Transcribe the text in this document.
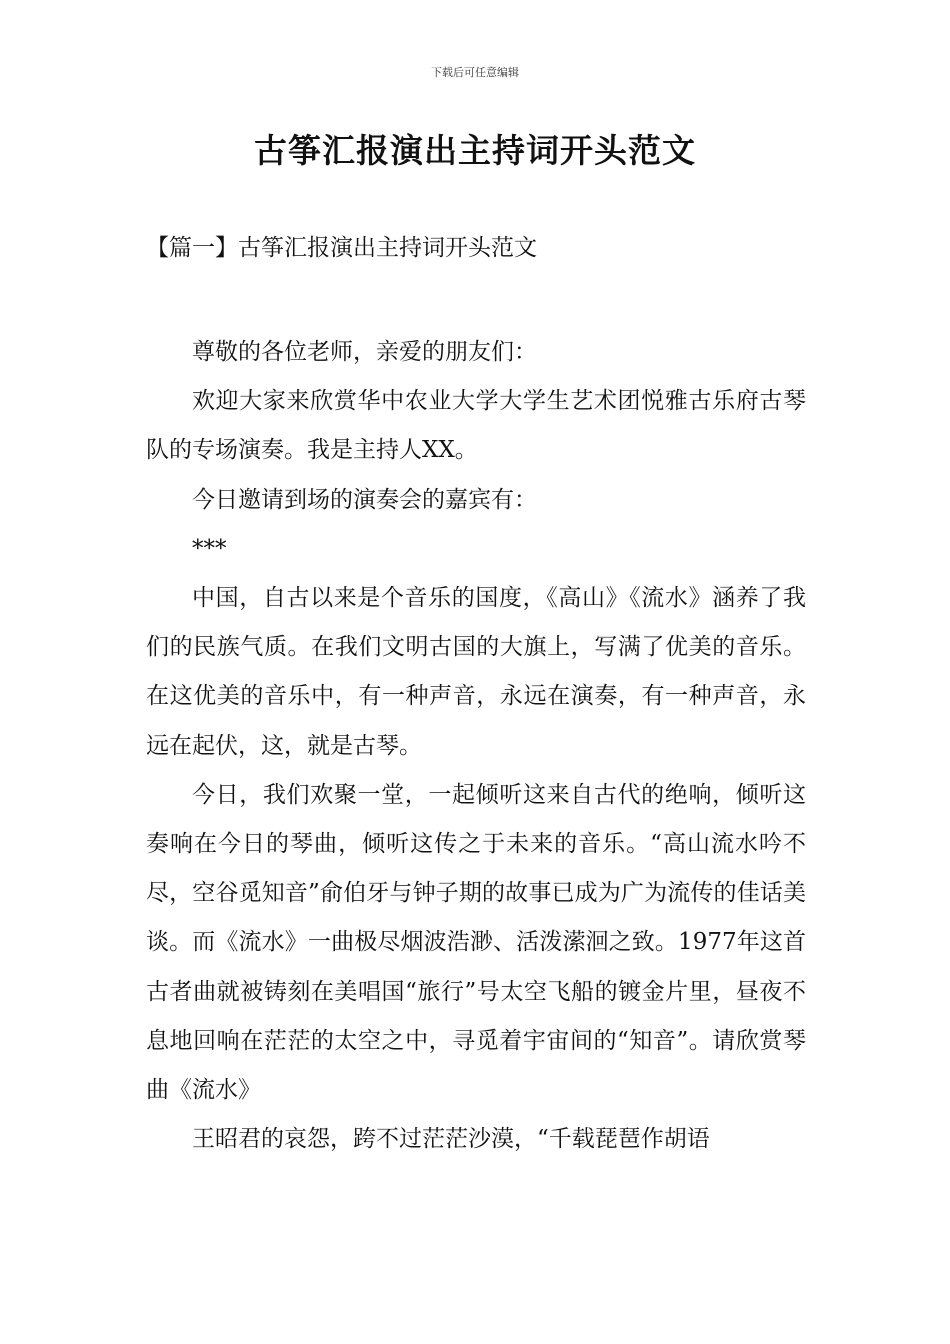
下载后可任意编辑
古筝汇报演出主持词开头范文
【篇一】古筝汇报演出主持词开头范文

尊敬的各位老师，亲爱的朋友们：

欢迎大家来欣赏华中农业大学大学生艺术团悦雅古乐府古琴队的专场演奏。我是主持人XX。

今日邀请到场的演奏会的嘉宾有：

***

中国，自古以来是个音乐的国度，《高山》《流水》涵养了我们的民族气质。在我们文明古国的大旗上，写满了优美的音乐。在这优美的音乐中，有一种声音，永远在演奏，有一种声音，永远在起伏，这，就是古琴。

今日，我们欢聚一堂，一起倾听这来自古代的绝响，倾听这奏响在今日的琴曲，倾听这传之于未来的音乐。“高山流水吟不尽，空谷觅知音”俞伯牙与钟子期的故事已成为广为流传的佳话美谈。而《流水》一曲极尽烟波浩渺、活泼潆洄之致。1977年这首古者曲就被铸刻在美唱国“旅行”号太空飞船的镀金片里，昼夜不息地回响在茫茫的太空之中，寻觅着宇宙间的“知音”。请欣赏琴曲《流水》

王昭君的哀怨，跨不过茫茫沙漠，“千载琵琶作胡语
